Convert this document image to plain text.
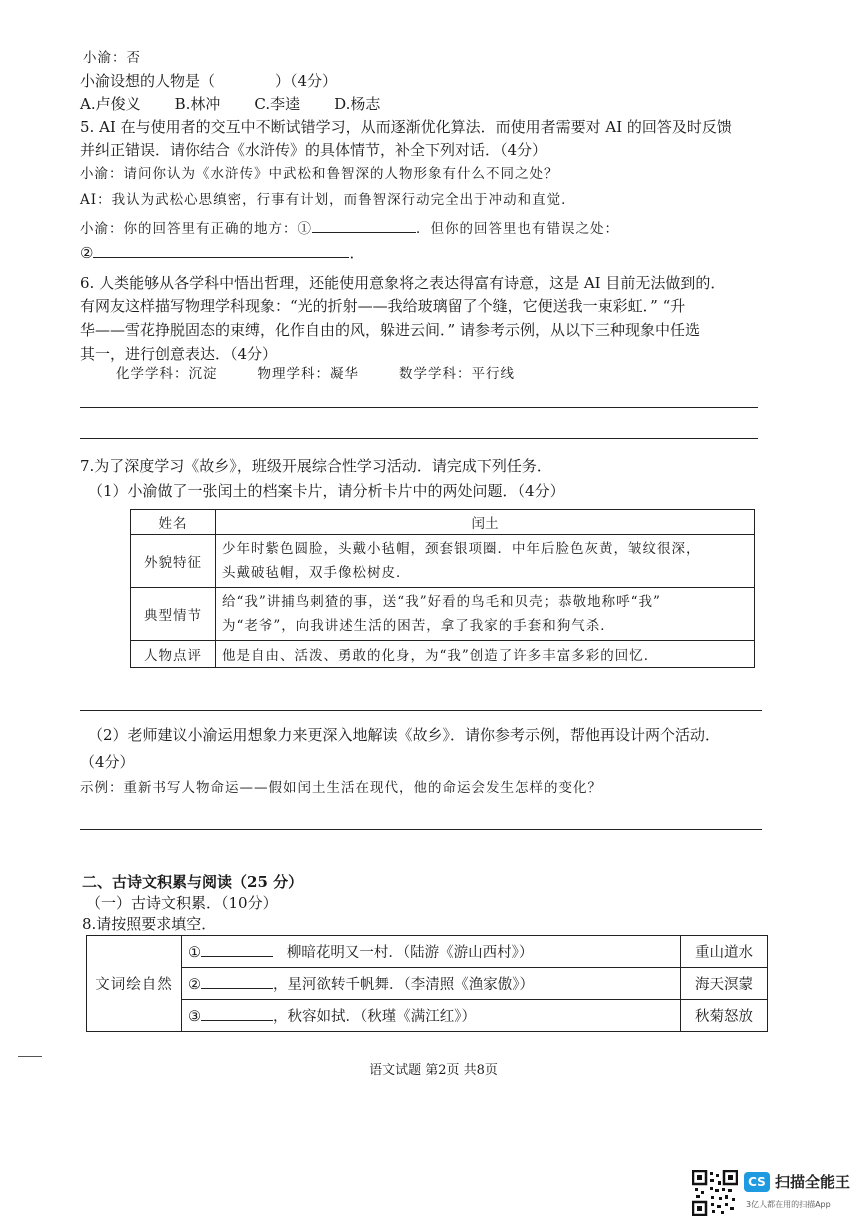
小渝：否
小渝设想的人物是（　　　　）（4分）
A.卢俊义 B.林冲 C.李逵 D.杨志
5. AI 在与使用者的交互中不断试错学习，从而逐渐优化算法．而使用者需要对 AI 的回答及时反馈
并纠正错误．请你结合《水浒传》的具体情节，补全下列对话．（4分）
小渝：请问你认为《水浒传》中武松和鲁智深的人物形象有什么不同之处？
AI：我认为武松心思缜密，行事有计划，而鲁智深行动完全出于冲动和直觉．
小渝：你的回答里有正确的地方：①	．但你的回答里也有错误之处：
②	．
6. 人类能够从各学科中悟出哲理，还能使用意象将之表达得富有诗意，这是 AI 目前无法做到的．
有网友这样描写物理学科现象：“光的折射——我给玻璃留了个缝，它便送我一束彩虹．” “升
华——雪花挣脱固态的束缚，化作自由的风，躲进云间．” 请参考示例，从以下三种现象中任选
其一，进行创意表达．（4分）
化学学科：沉淀	物理学科：凝华	数学学科：平行线
7.为了深度学习《故乡》，班级开展综合性学习活动．请完成下列任务．
（1）小渝做了一张闰土的档案卡片，请分析卡片中的两处问题．（4分）
姓名	闰土
外貌特征	少年时紫色圆脸，头戴小毡帽，颈套银项圈．中年后脸色灰黄，皱纹很深，
头戴破毡帽，双手像松树皮．

典型情节	给“我”讲捕鸟刺猹的事，送“我”好看的鸟毛和贝壳；恭敬地称呼“我”
为“老爷”，向我讲述生活的困苦，拿了我家的手套和狗气杀．

人物点评	他是自由、活泼、勇敢的化身，为“我”创造了许多丰富多彩的回忆．
（2）老师建议小渝运用想象力来更深入地解读《故乡》．请你参考示例，帮他再设计两个活动．
（4分）
示例：重新书写人物命运——假如闰土生活在现代，他的命运会发生怎样的变化？
二、古诗文积累与阅读（25 分）
（一）古诗文积累．（10分）
8.请按照要求填空．
文词绘自然	① 柳暗花明又一村．（陆游《游山西村》）	重山道水
	② ，星河欲转千帆舞．（李清照《渔家傲》）	海天溟蒙
	③ ，秋容如拭．（秋瑾《满江红》）	秋菊怒放
语文试题 第2页 共8页
CS 扫描全能王
3亿人都在用的扫描App
